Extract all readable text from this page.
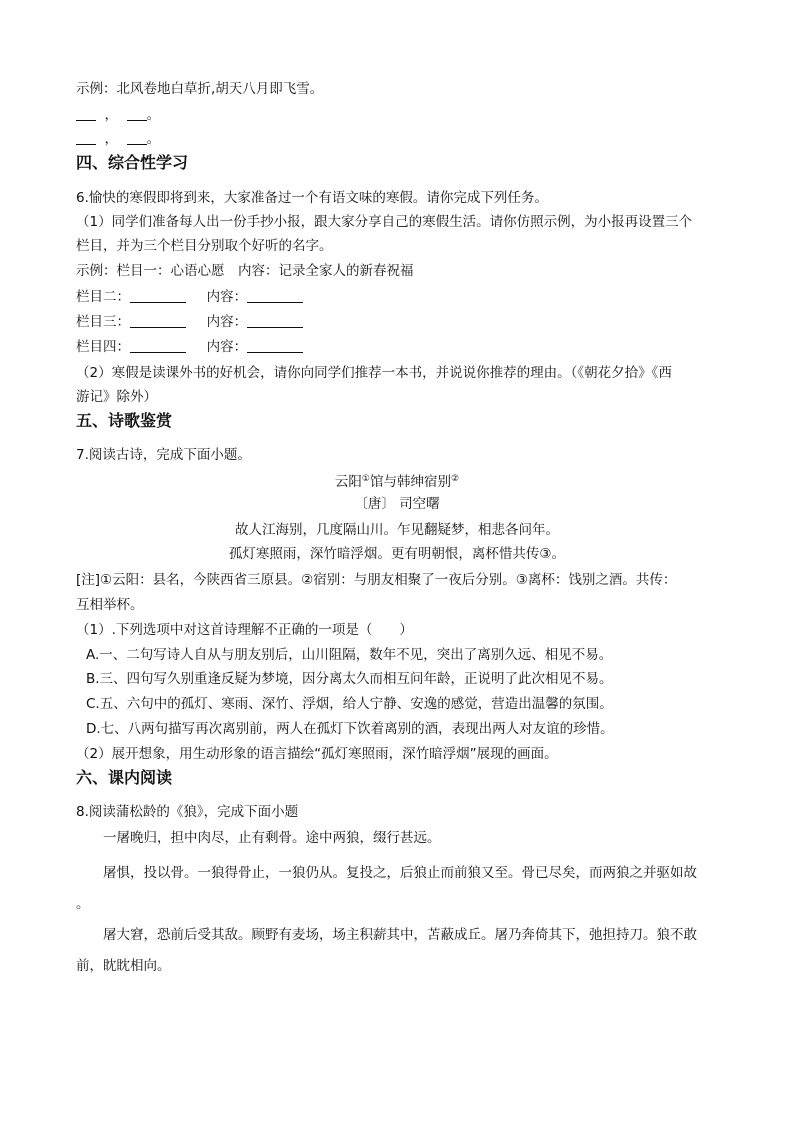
示例：北风卷地白草折,胡天八月即飞雪。
， 。
， 。
四、综合性学习
6.愉快的寒假即将到来，大家准备过一个有语文味的寒假。请你完成下列任务。
（1）同学们准备每人出一份手抄小报，跟大家分享自己的寒假生活。请你仿照示例，为小报再设置三个
栏目，并为三个栏目分别取个好听的名字。
示例：栏目一：心语心愿　内容：记录全家人的新春祝福
栏目二：	内容：
栏目三：	内容：
栏目四：	内容：
（2）寒假是读课外书的好机会，请你向同学们推荐一本书，并说说你推荐的理由。（《朝花夕拾》《西
游记》除外）
五、诗歌鉴赏
7.阅读古诗，完成下面小题。
云阳①馆与韩绅宿别②
〔唐〕 司空曙
故人江海别，几度隔山川。乍见翻疑梦，相悲各问年。
孤灯寒照雨，深竹暗浮烟。更有明朝恨，离杯惜共传③。
[注]①云阳：县名，今陕西省三原县。②宿别：与朋友相聚了一夜后分别。③离杯：饯别之酒。共传：
互相举杯。
（1）.下列选项中对这首诗理解不正确的一项是（　　）
A.一、二句写诗人自从与朋友别后，山川阻隔，数年不见，突出了离别久远、相见不易。
B.三、四句写久别重逢反疑为梦境，因分离太久而相互问年龄，正说明了此次相见不易。
C.五、六句中的孤灯、寒雨、深竹、浮烟，给人宁静、安逸的感觉，营造出温馨的氛围。
D.七、八两句描写再次离别前，两人在孤灯下饮着离别的酒，表现出两人对友谊的珍惜。
（2）展开想象，用生动形象的语言描绘“孤灯寒照雨，深竹暗浮烟”展现的画面。
六、课内阅读
8.阅读蒲松龄的《狼》，完成下面小题
一屠晚归，担中肉尽，止有剩骨。途中两狼，缀行甚远。
屠惧，投以骨。一狼得骨止，一狼仍从。复投之，后狼止而前狼又至。骨已尽矣，而两狼之并驱如故
。
屠大窘，恐前后受其敌。顾野有麦场，场主积薪其中，苫蔽成丘。屠乃奔倚其下，弛担持刀。狼不敢
前，眈眈相向。
